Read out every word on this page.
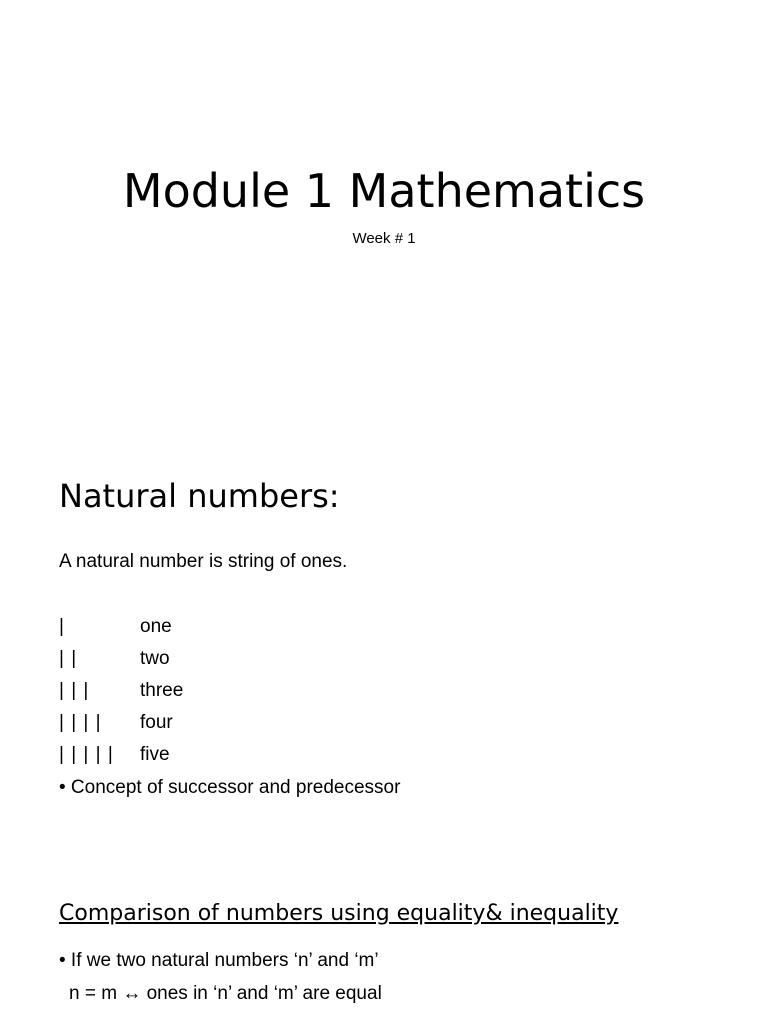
Module 1 Mathematics
Week # 1
Natural numbers:
A natural number is string of ones.
|	one
| |	two
| | |	three
| | | | four
| | | | | five
• Concept of successor and predecessor
Comparison of numbers using equality& inequality
• If we two natural numbers ‘n’ and ‘m’
n = m ↔ ones in ‘n’ and ‘m’ are equal
